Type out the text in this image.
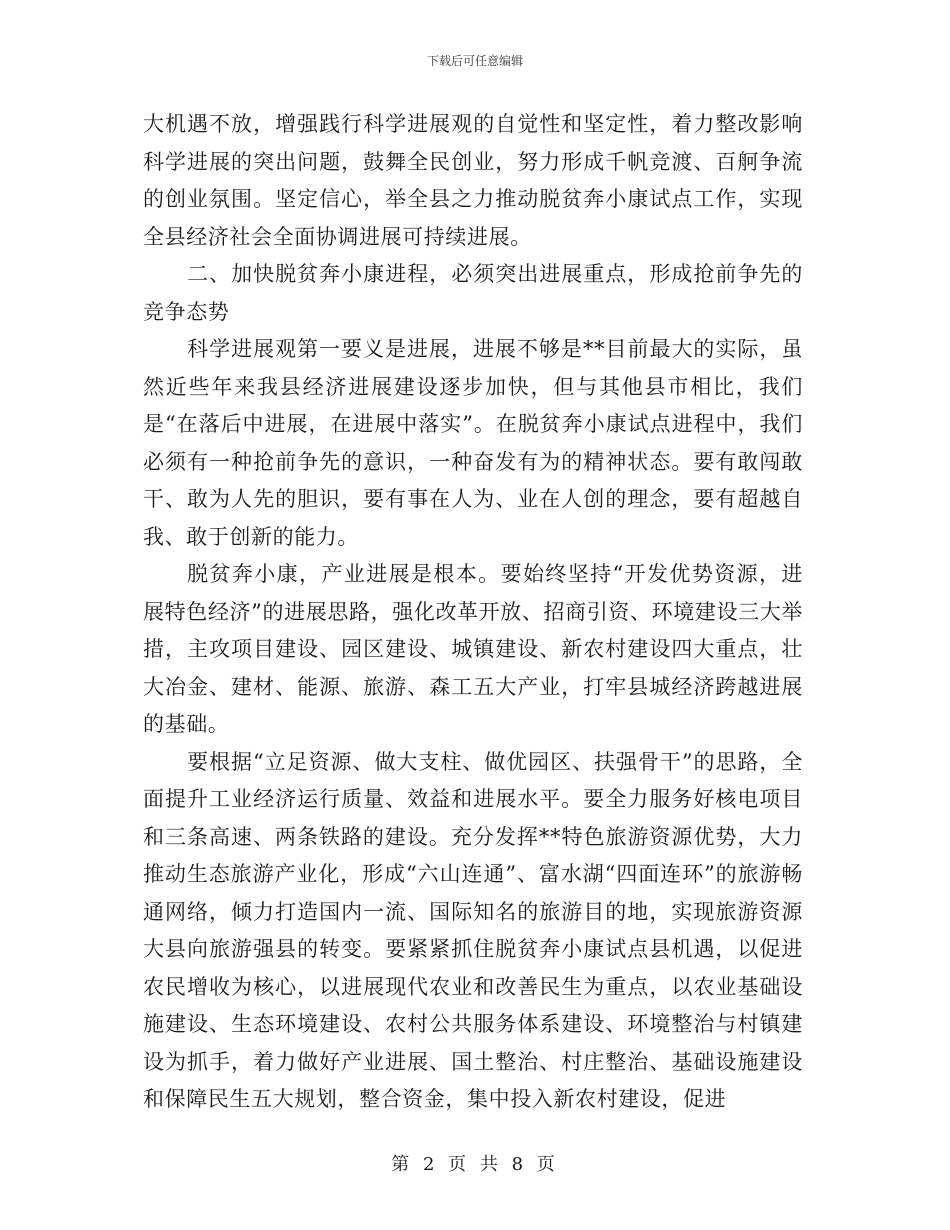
下载后可任意编辑

大机遇不放，增强践行科学进展观的自觉性和坚定性，着力整改影响科学进展的突出问题，鼓舞全民创业，努力形成千帆竞渡、百舸争流的创业氛围。坚定信心，举全县之力推动脱贫奔小康试点工作，实现全县经济社会全面协调进展可持续进展。

二、加快脱贫奔小康进程，必须突出进展重点，形成抢前争先的竞争态势

科学进展观第一要义是进展，进展不够是**目前最大的实际，虽然近些年来我县经济进展建设逐步加快，但与其他县市相比，我们是“在落后中进展，在进展中落实”。在脱贫奔小康试点进程中，我们必须有一种抢前争先的意识，一种奋发有为的精神状态。要有敢闯敢干、敢为人先的胆识，要有事在人为、业在人创的理念，要有超越自我、敢于创新的能力。

脱贫奔小康，产业进展是根本。要始终坚持“开发优势资源，进展特色经济”的进展思路，强化改革开放、招商引资、环境建设三大举措，主攻项目建设、园区建设、城镇建设、新农村建设四大重点，壮大冶金、建材、能源、旅游、森工五大产业，打牢县城经济跨越进展的基础。

要根据“立足资源、做大支柱、做优园区、扶强骨干”的思路，全面提升工业经济运行质量、效益和进展水平。要全力服务好核电项目和三条高速、两条铁路的建设。充分发挥**特色旅游资源优势，大力推动生态旅游产业化，形成“六山连通”、富水湖“四面连环”的旅游畅通网络，倾力打造国内一流、国际知名的旅游目的地，实现旅游资源大县向旅游强县的转变。要紧紧抓住脱贫奔小康试点县机遇，以促进农民增收为核心，以进展现代农业和改善民生为重点，以农业基础设施建设、生态环境建设、农村公共服务体系建设、环境整治与村镇建设为抓手，着力做好产业进展、国土整治、村庄整治、基础设施建设和保障民生五大规划，整合资金，集中投入新农村建设，促进

第 2 页 共 8 页
